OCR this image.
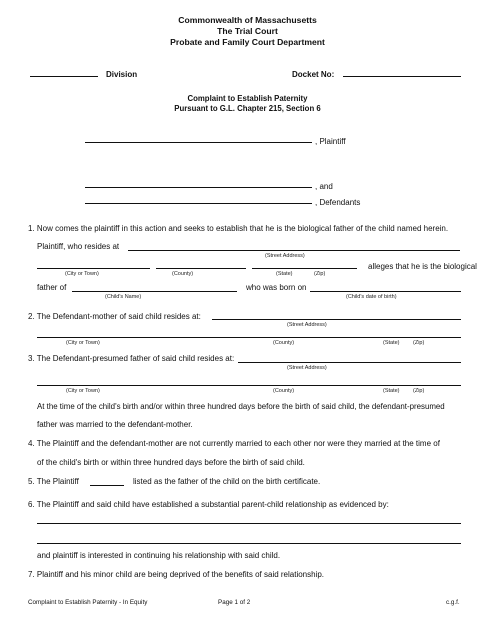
Commonwealth of Massachusetts
The Trial Court
Probate and Family Court Department
Division	Docket No:
Complaint to Establish Paternity
Pursuant to G.L. Chapter 215, Section 6
, Plaintiff
, and
, Defendants
1. Now comes the plaintiff in this action and seeks to establish that he is the biological father of the child named herein.
Plaintiff, who resides at
(Street Address)
(City or Town)	(County)	(State)	(Zip)
alleges that he is the biological
father of
(Child's Name)
who was born on
(Child's date of birth)
2. The Defendant-mother of said child resides at:
(Street Address)
(City or Town)	(County)	(State) (Zip)
3. The Defendant-presumed father of said child resides at:
(Street Address)
(City or Town)	(County)	(State) (Zip)
At the time of the child's birth and/or within three hundred days before the birth of said child, the defendant-presumed
father was married to the defendant-mother.
4. The Plaintiff and the defendant-mother are not currently married to each other nor were they married at the time of
of the child's birth or within three hundred days before the birth of said child.
5. The Plaintiff	listed as the father of the child on the birth certificate.
6. The Plaintiff and said child have established a substantial parent-child relationship as evidenced by:
and plaintiff is interested in continuing his relationship with said child.
7. Plaintiff and his minor child are being deprived of the benefits of said relationship.
Complaint to Establish Paternity - In Equity	Page 1 of 2	c.g.f.
